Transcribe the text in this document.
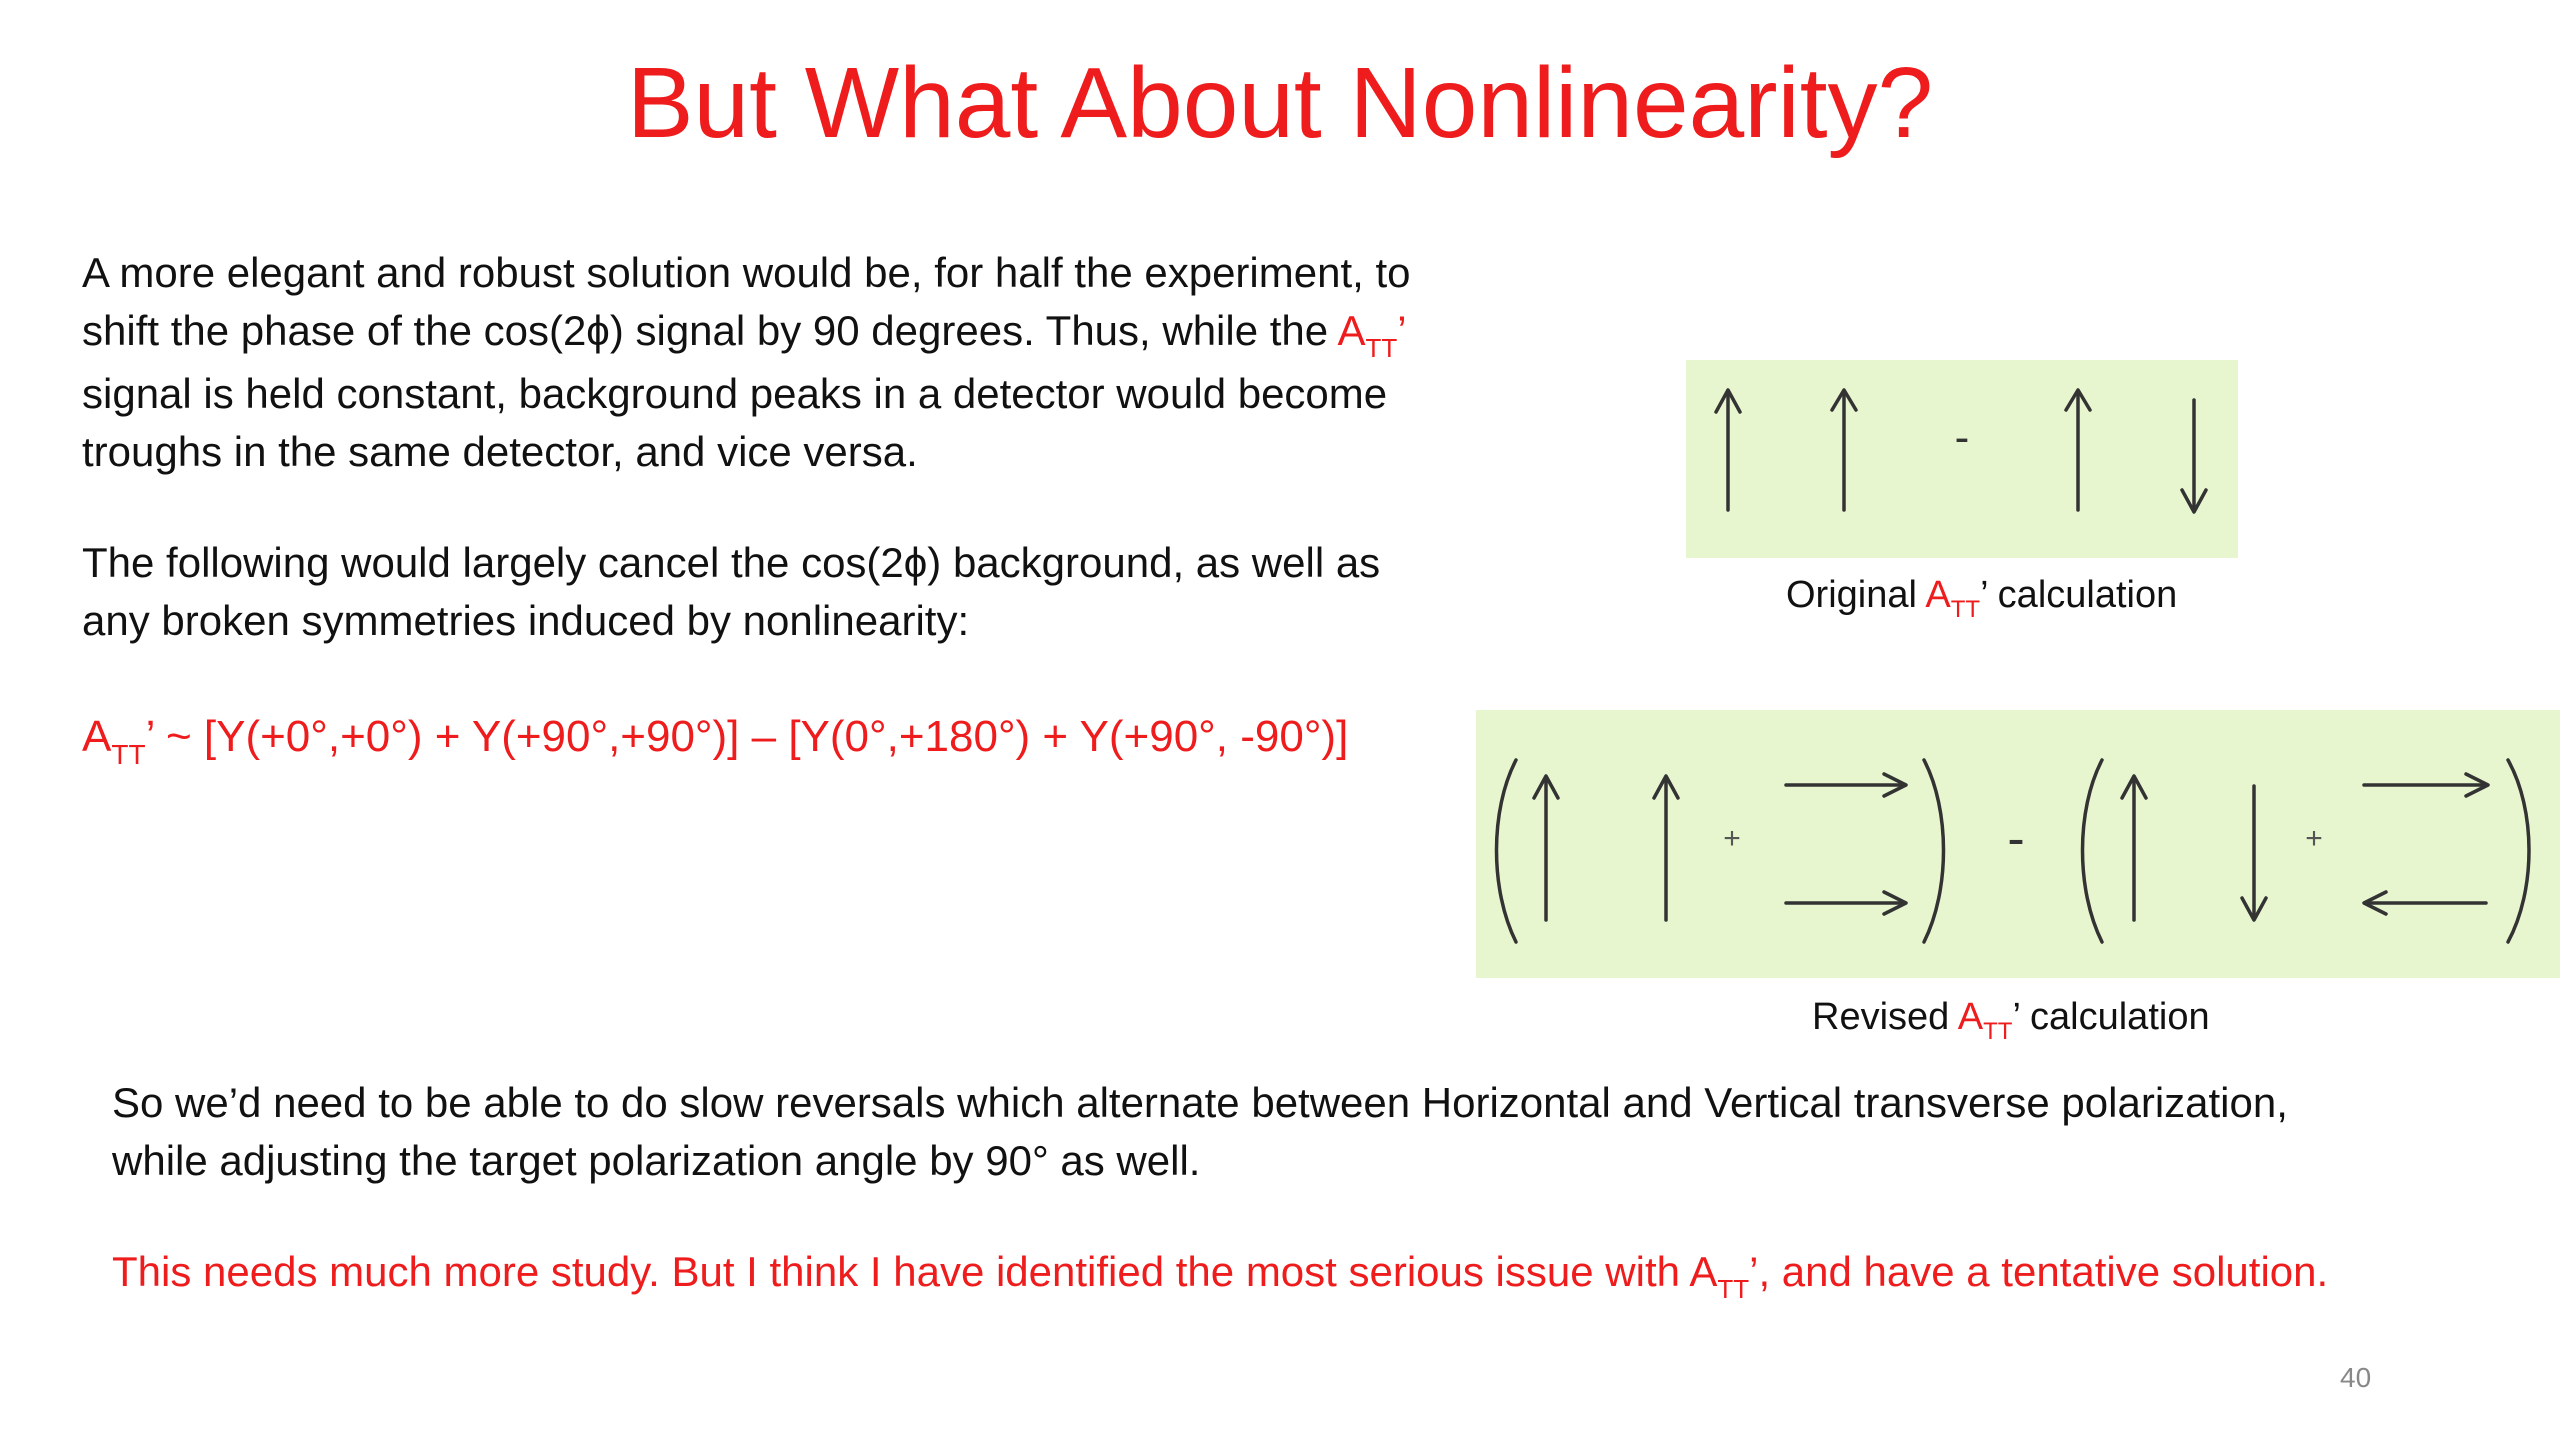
But What About Nonlinearity?
A more elegant and robust solution would be, for half the experiment, to
shift the phase of the cos(2ϕ) signal by 90 degrees. Thus, while the $A_{TT}$’
signal is held constant, background peaks in a detector would become
troughs in the same detector, and vice versa.
The following would largely cancel the cos(2ϕ) background, as well as
any broken symmetries induced by nonlinearity:
$A_{TT}$’ ~ [Y(+0°,+0°) + Y(+90°,+90°)] – [Y(0°,+180°) + Y(+90°, -90°)]
-
Original $A_{TT}$’ calculation
+	-	+
Revised $A_{TT}$’ calculation
So we’d need to be able to do slow reversals which alternate between Horizontal and Vertical transverse polarization,
while adjusting the target polarization angle by 90° as well.
This needs much more study. But I think I have identified the most serious issue with $A_{TT}$’, and have a tentative solution.
40
